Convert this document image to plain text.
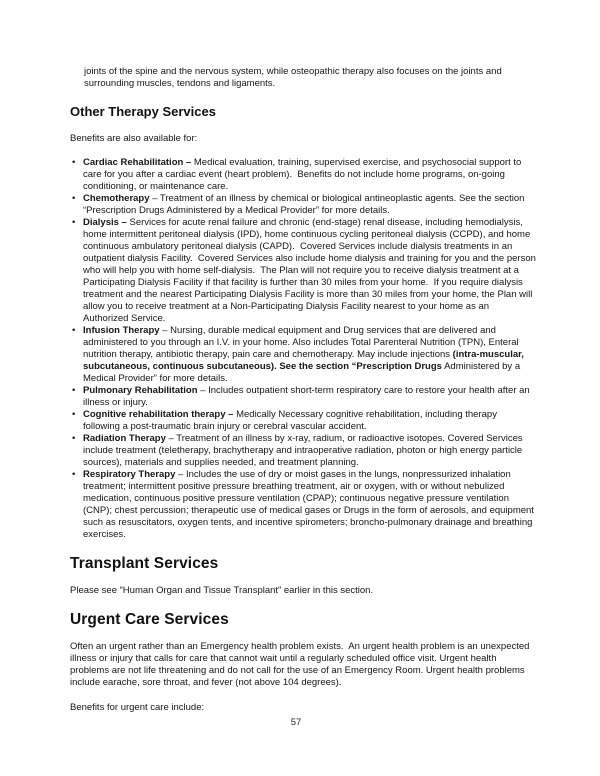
joints of the spine and the nervous system, while osteopathic therapy also focuses on the joints and surrounding muscles, tendons and ligaments.

Other Therapy Services

Benefits are also available for:

• Cardiac Rehabilitation – Medical evaluation, training, supervised exercise, and psychosocial support to care for you after a cardiac event (heart problem).  Benefits do not include home programs, on-going conditioning, or maintenance care.
• Chemotherapy – Treatment of an illness by chemical or biological antineoplastic agents. See the section “Prescription Drugs Administered by a Medical Provider” for more details.
• Dialysis – Services for acute renal failure and chronic (end-stage) renal disease, including hemodialysis, home intermittent peritoneal dialysis (IPD), home continuous cycling peritoneal dialysis (CCPD), and home continuous ambulatory peritoneal dialysis (CAPD).  Covered Services include dialysis treatments in an outpatient dialysis Facility.  Covered Services also include home dialysis and training for you and the person who will help you with home self-dialysis.  The Plan will not require you to receive dialysis treatment at a Participating Dialysis Facility if that facility is further than 30 miles from your home.  If you require dialysis treatment and the nearest Participating Dialysis Facility is more than 30 miles from your home, the Plan will allow you to receive treatment at a Non-Participating Dialysis Facility nearest to your home as an Authorized Service.
• Infusion Therapy – Nursing, durable medical equipment and Drug services that are delivered and administered to you through an I.V. in your home. Also includes Total Parenteral Nutrition (TPN), Enteral nutrition therapy, antibiotic therapy, pain care and chemotherapy. May include injections (intra-muscular, subcutaneous, continuous subcutaneous). See the section “Prescription Drugs Administered by a Medical Provider” for more details.
• Pulmonary Rehabilitation – Includes outpatient short-term respiratory care to restore your health after an illness or injury.
• Cognitive rehabilitation therapy – Medically Necessary cognitive rehabilitation, including therapy following a post-traumatic brain injury or cerebral vascular accident.
• Radiation Therapy – Treatment of an illness by x-ray, radium, or radioactive isotopes. Covered Services include treatment (teletherapy, brachytherapy and intraoperative radiation, photon or high energy particle sources), materials and supplies needed, and treatment planning.
• Respiratory Therapy – Includes the use of dry or moist gases in the lungs, nonpressurized inhalation treatment; intermittent positive pressure breathing treatment, air or oxygen, with or without nebulized medication, continuous positive pressure ventilation (CPAP); continuous negative pressure ventilation (CNP); chest percussion; therapeutic use of medical gases or Drugs in the form of aerosols, and equipment such as resuscitators, oxygen tents, and incentive spirometers; broncho-pulmonary drainage and breathing exercises.
Transplant Services

Please see “Human Organ and Tissue Transplant” earlier in this section.

Urgent Care Services

Often an urgent rather than an Emergency health problem exists.  An urgent health problem is an unexpected illness or injury that calls for care that cannot wait until a regularly scheduled office visit. Urgent health problems are not life threatening and do not call for the use of an Emergency Room. Urgent health problems include earache, sore throat, and fever (not above 104 degrees).

Benefits for urgent care include:

57
